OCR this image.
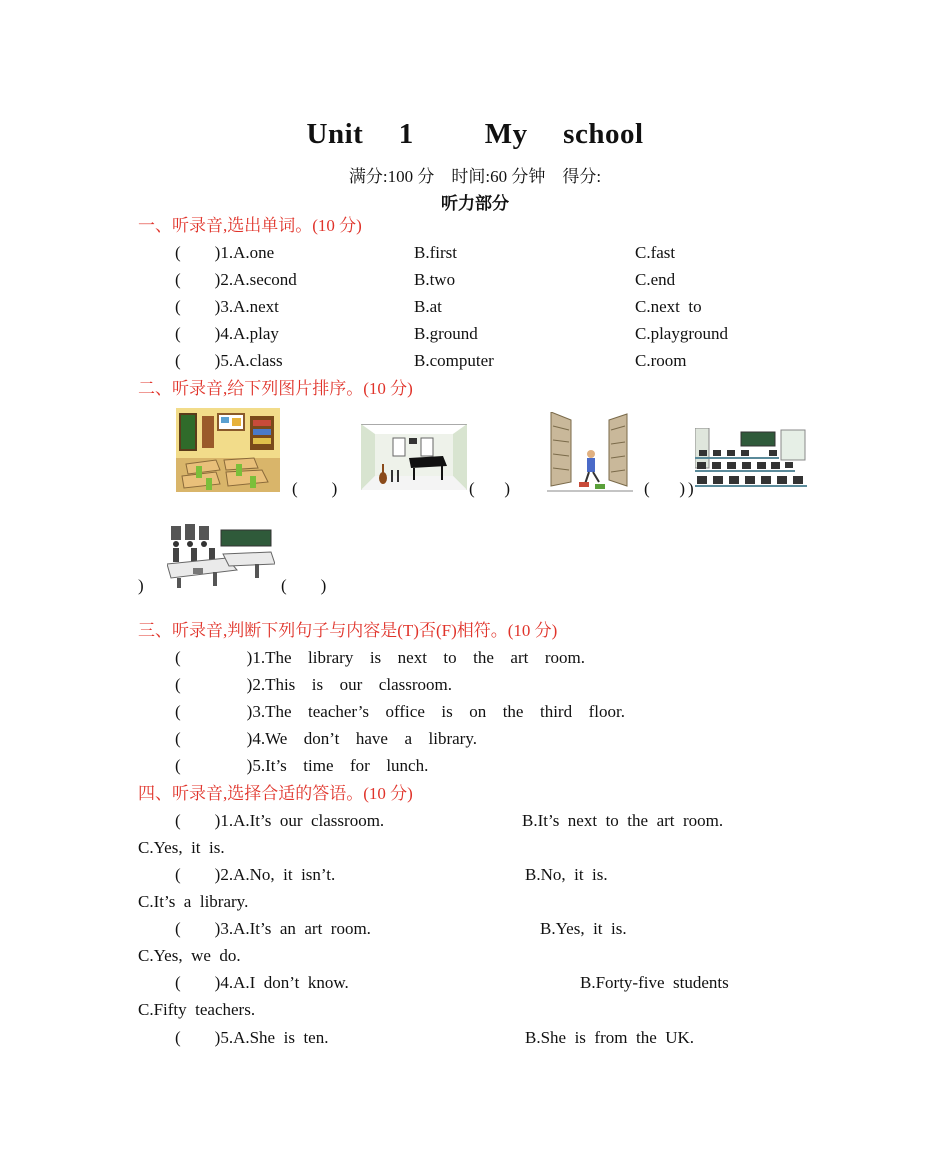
Unit  1    My  school
满分:100 分    时间:60 分钟    得分:
听力部分
一、听录音,选出单词。(10 分)
(        )1.A.one	B.first	C.fast
(        )2.A.second	B.two	C.end
(        )3.A.next	B.at	C.next  to
(        )4.A.play	B.ground	C.playground
(        )5.A.class	B.computer	C.room
二、听录音,给下列图片排序。(10 分)
(        )	(       )	(       ) )
)	(        )
三、听录音,判断下列句子与内容是(T)否(F)相符。(10 分)
(        )1.The  library  is  next  to  the  art  room.
(        )2.This  is  our  classroom.
(        )3.The  teacher’s  office  is  on  the  third  floor.
(        )4.We  don’t  have  a  library.
(        )5.It’s  time  for  lunch.
四、听录音,选择合适的答语。(10 分)
(        )1.A.It’s  our  classroom.	B.It’s  next  to  the  art  room.
C.Yes,  it  is.
(        )2.A.No,  it  isn’t.	B.No,  it  is.
C.It’s  a  library.
(        )3.A.It’s  an  art  room.	B.Yes,  it  is.
C.Yes,  we  do.
(        )4.A.I  don’t  know.	B.Forty-five  students
C.Fifty  teachers.
(        )5.A.She  is  ten.	B.She  is  from  the  UK.
